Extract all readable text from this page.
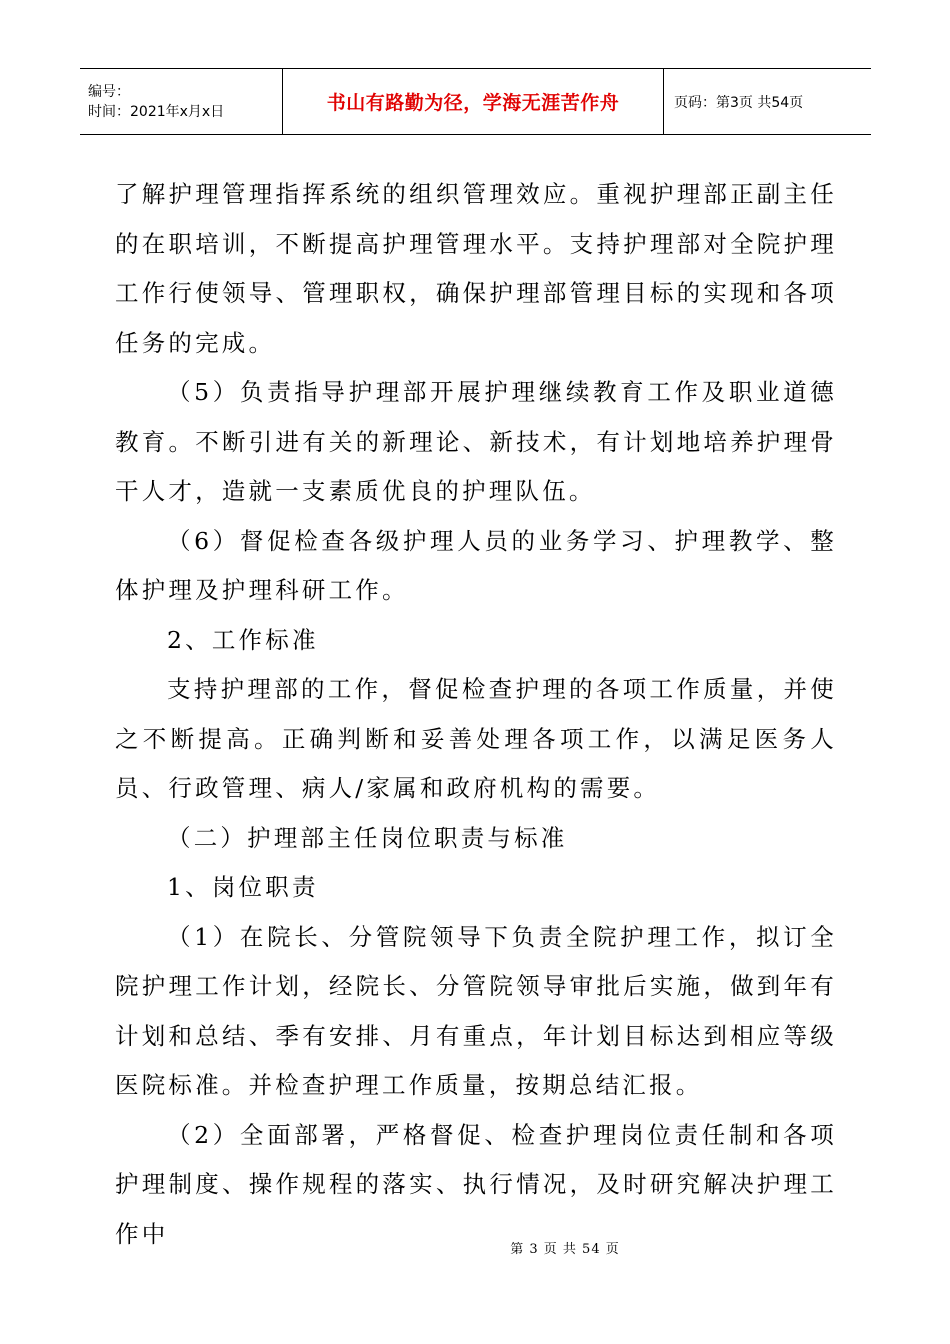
编号：
时间：2021年x月x日	书山有路勤为径，学海无涯苦作舟	页码：第3页 共54页

了解护理管理指挥系统的组织管理效应。重视护理部正副主任的在职培训，不断提高护理管理水平。支持护理部对全院护理工作行使领导、管理职权，确保护理部管理目标的实现和各项任务的完成。

（5）负责指导护理部开展护理继续教育工作及职业道德教育。不断引进有关的新理论、新技术，有计划地培养护理骨干人才，造就一支素质优良的护理队伍。

（6）督促检查各级护理人员的业务学习、护理教学、整体护理及护理科研工作。

2、工作标准

支持护理部的工作，督促检查护理的各项工作质量，并使之不断提高。正确判断和妥善处理各项工作，以满足医务人员、行政管理、病人/家属和政府机构的需要。

（二）护理部主任岗位职责与标准

1、岗位职责

（1）在院长、分管院领导下负责全院护理工作，拟订全院护理工作计划，经院长、分管院领导审批后实施，做到年有计划和总结、季有安排、月有重点，年计划目标达到相应等级医院标准。并检查护理工作质量，按期总结汇报。

（2）全面部署，严格督促、检查护理岗位责任制和各项护理制度、操作规程的落实、执行情况，及时研究解决护理工作中

第 3 页 共 54 页
